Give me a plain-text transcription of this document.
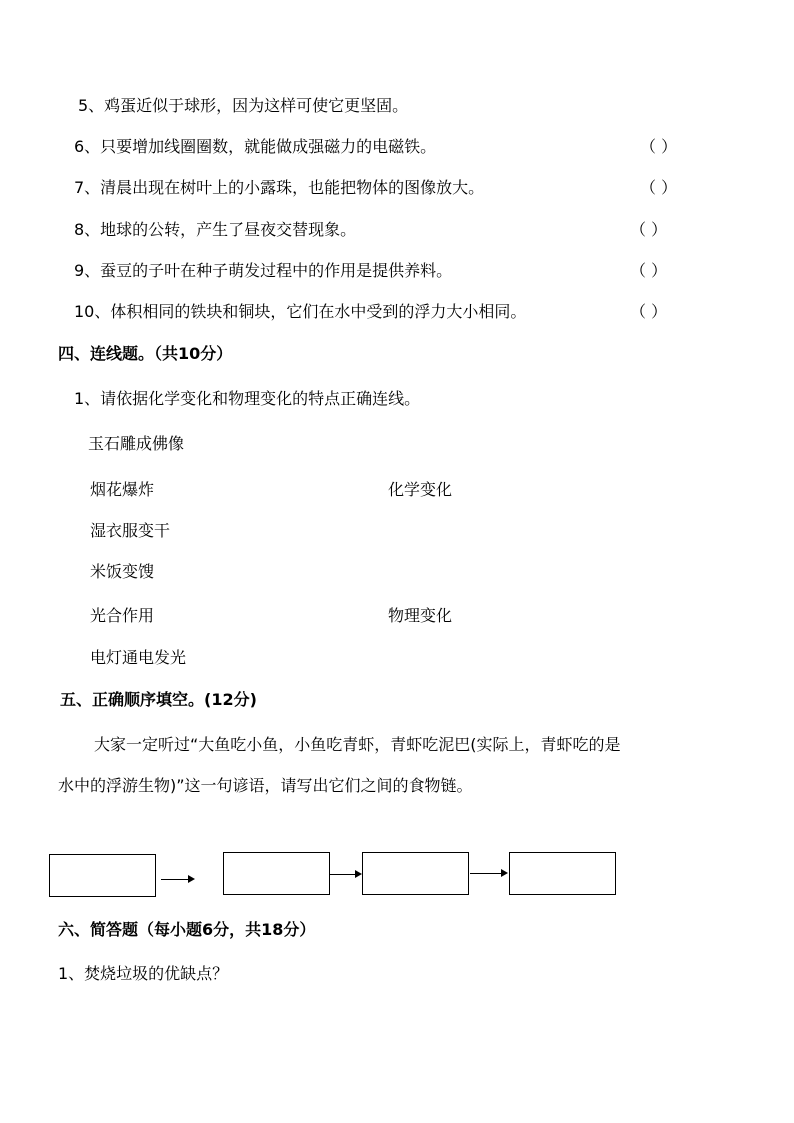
5、鸡蛋近似于球形，因为这样可使它更坚固。
6、只要增加线圈圈数，就能做成强磁力的电磁铁。	（ ）
7、清晨出现在树叶上的小露珠，也能把物体的图像放大。	（ ）
8、地球的公转，产生了昼夜交替现象。	（ ）
9、蚕豆的子叶在种子萌发过程中的作用是提供养料。	（ ）
10、体积相同的铁块和铜块，它们在水中受到的浮力大小相同。	（ ）
四、连线题。（共10分）
1、请依据化学变化和物理变化的特点正确连线。
玉石雕成佛像
烟花爆炸
湿衣服变干
米饭变馊
光合作用
电灯通电发光
化学变化
物理变化
五、正确顺序填空。(12分)
大家一定听过“大鱼吃小鱼，小鱼吃青虾，青虾吃泥巴(实际上，青虾吃的是
水中的浮游生物)”这一句谚语，请写出它们之间的食物链。
六、简答题（每小题6分，共18分）
1、焚烧垃圾的优缺点？
